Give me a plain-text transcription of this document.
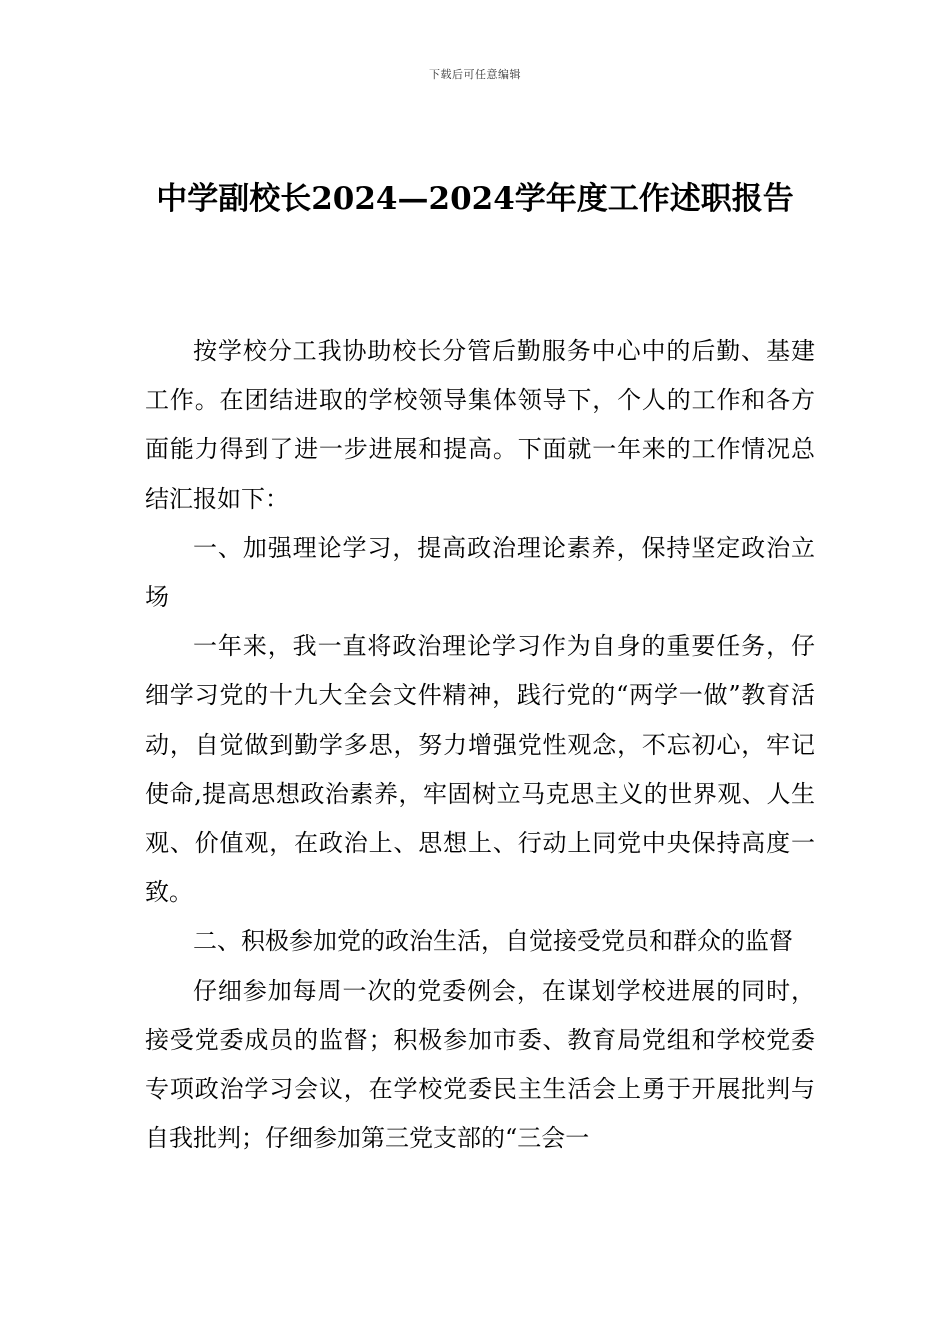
下载后可任意编辑
中学副校长2024—2024学年度工作述职报告

按学校分工我协助校长分管后勤服务中心中的后勤、基建工作。在团结进取的学校领导集体领导下，个人的工作和各方面能力得到了进一步进展和提高。下面就一年来的工作情况总结汇报如下：

一、加强理论学习，提高政治理论素养，保持坚定政治立场

一年来，我一直将政治理论学习作为自身的重要任务，仔细学习党的十九大全会文件精神，践行党的“两学一做”教育活动，自觉做到勤学多思，努力增强党性观念，不忘初心，牢记使命,提高思想政治素养，牢固树立马克思主义的世界观、人生观、价值观，在政治上、思想上、行动上同党中央保持高度一致。

二、积极参加党的政治生活，自觉接受党员和群众的监督

仔细参加每周一次的党委例会，在谋划学校进展的同时，接受党委成员的监督；积极参加市委、教育局党组和学校党委专项政治学习会议，在学校党委民主生活会上勇于开展批判与自我批判；仔细参加第三党支部的“三会一
